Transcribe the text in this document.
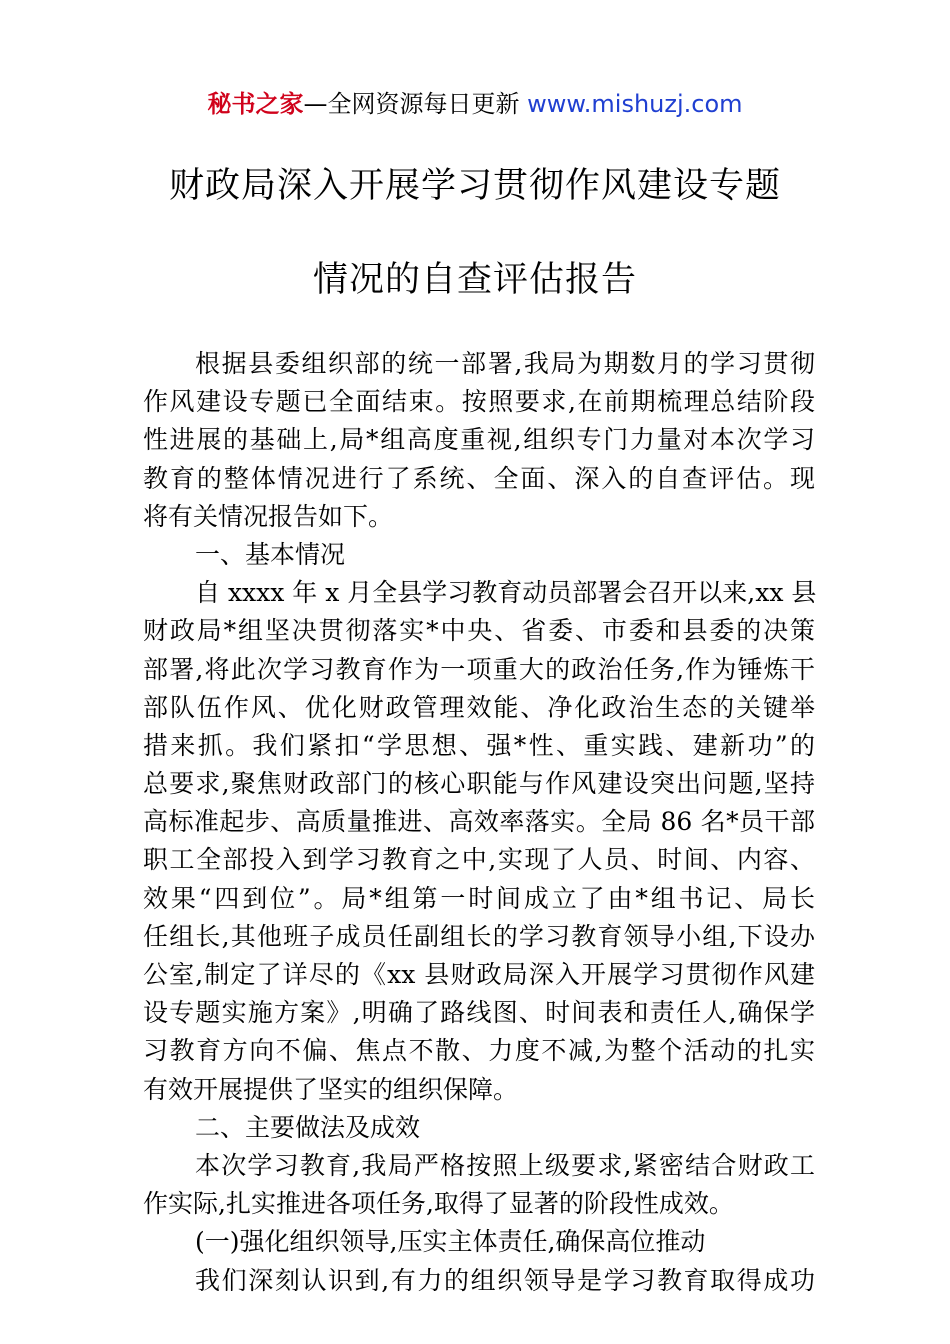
秘书之家—全网资源每日更新 www.mishuzj.com
财政局深入开展学习贯彻作风建设专题
情况的自查评估报告
根据县委组织部的统一部署,我局为期数月的学习贯彻
作风建设专题已全面结束。按照要求,在前期梳理总结阶段
性进展的基础上,局*组高度重视,组织专门力量对本次学习
教育的整体情况进行了系统、全面、深入的自查评估。现
将有关情况报告如下。
一、基本情况
自 xxxx 年 x 月全县学习教育动员部署会召开以来,xx 县
财政局*组坚决贯彻落实*中央、省委、市委和县委的决策
部署,将此次学习教育作为一项重大的政治任务,作为锤炼干
部队伍作风、优化财政管理效能、净化政治生态的关键举
措来抓。我们紧扣“学思想、强*性、重实践、建新功”的
总要求,聚焦财政部门的核心职能与作风建设突出问题,坚持
高标准起步、高质量推进、高效率落实。全局 86 名*员干部
职工全部投入到学习教育之中,实现了人员、时间、内容、
效果“四到位”。局*组第一时间成立了由*组书记、局长
任组长,其他班子成员任副组长的学习教育领导小组,下设办
公室,制定了详尽的《xx 县财政局深入开展学习贯彻作风建
设专题实施方案》,明确了路线图、时间表和责任人,确保学
习教育方向不偏、焦点不散、力度不减,为整个活动的扎实
有效开展提供了坚实的组织保障。
二、主要做法及成效
本次学习教育,我局严格按照上级要求,紧密结合财政工
作实际,扎实推进各项任务,取得了显著的阶段性成效。
(一)强化组织领导,压实主体责任,确保高位推动
我们深刻认识到,有力的组织领导是学习教育取得成功
